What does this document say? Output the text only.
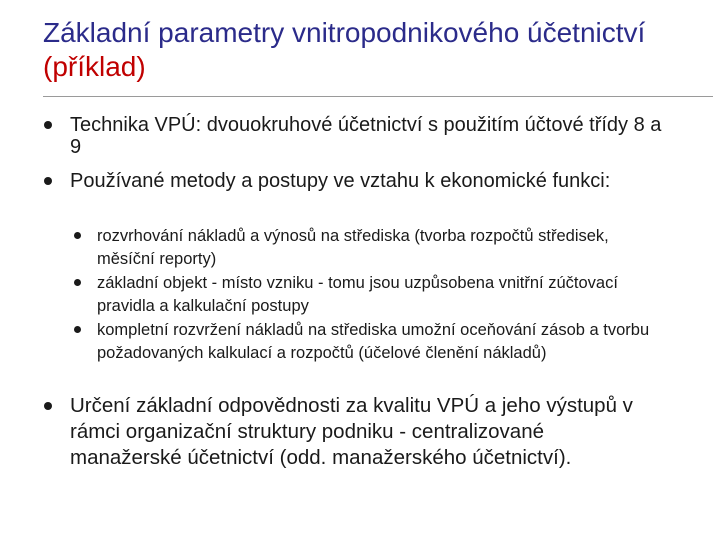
Základní parametry vnitropodnikového účetnictví (příklad)
Technika VPÚ: dvouokruhové účetnictví s použitím účtové třídy 8 a 9
Používané metody a postupy ve vztahu k ekonomické funkci:
rozvrhování nákladů a výnosů na střediska (tvorba rozpočtů středisek, měsíční reporty)
základní objekt - místo vzniku - tomu jsou uzpůsobena vnitřní zúčtovací pravidla a kalkulační postupy
kompletní rozvržení nákladů na střediska umožní oceňování zásob a tvorbu požadovaných kalkulací a rozpočtů (účelové členění nákladů)
Určení základní odpovědnosti za kvalitu VPÚ a jeho výstupů v rámci organizační struktury podniku - centralizované manažerské účetnictví (odd. manažerského účetnictví).
